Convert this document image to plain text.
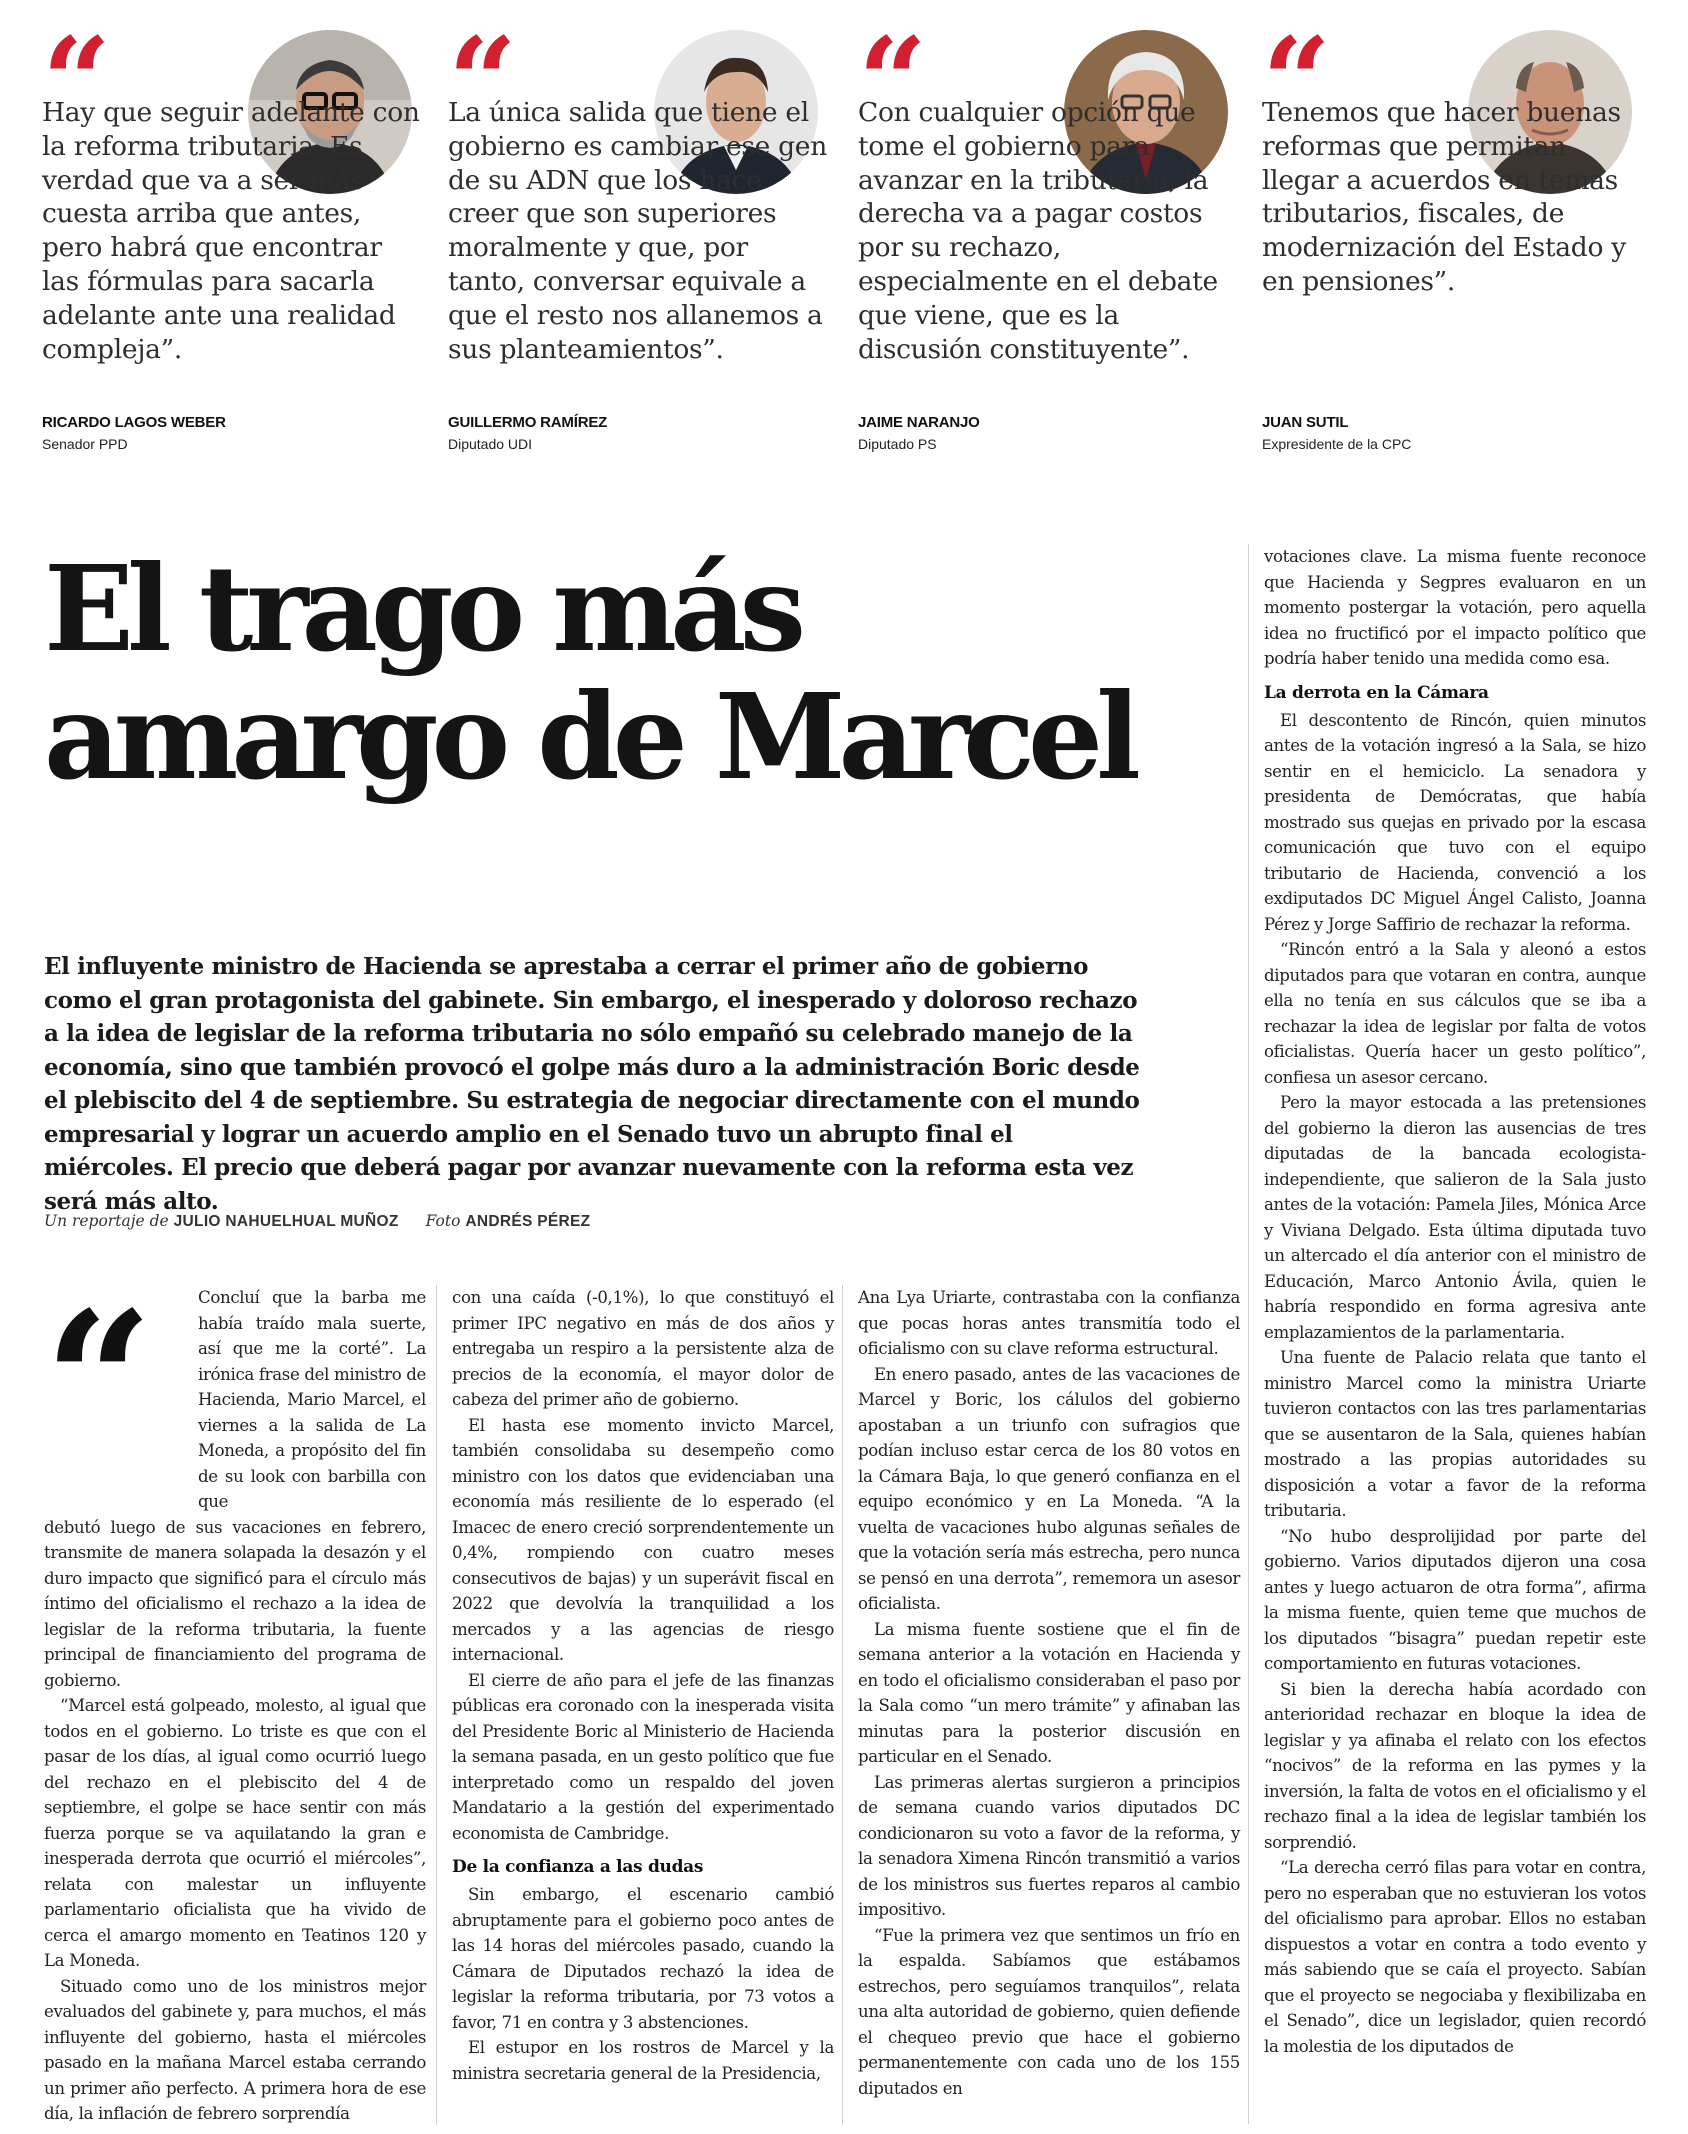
“
Hay que seguir adelante con la reforma tributaria. Es verdad que va a ser más cuesta arriba que antes, pero habrá que encontrar las fórmulas para sacarla adelante ante una realidad compleja”.
RICARDO LAGOS WEBER
Senador PPD
“
La única salida que tiene el gobierno es cambiar ese gen de su ADN que los hace creer que son superiores moralmente y que, por tanto, conversar equivale a que el resto nos allanemos a sus planteamientos”.
GUILLERMO RAMÍREZ
Diputado UDI
“
Con cualquier opción que tome el gobierno para avanzar en la tributaria, la derecha va a pagar costos por su rechazo, especialmente en el debate que viene, que es la discusión constituyente”.
JAIME NARANJO
Diputado PS
“
Tenemos que hacer buenas reformas que permitan llegar a acuerdos en temas tributarios, fiscales, de modernización del Estado y en pensiones”.
JUAN SUTIL
Expresidente de la CPC
El trago más
amargo de Marcel
El influyente ministro de Hacienda se aprestaba a cerrar el primer año de gobierno como el gran protagonista del gabinete. Sin embargo, el inesperado y doloroso rechazo a la idea de legislar de la reforma tributaria no sólo empañó su celebrado manejo de la economía, sino que también provocó el golpe más duro a la administración Boric desde el plebiscito del 4 de septiembre. Su estrategia de negociar directamente con el mundo empresarial y lograr un acuerdo amplio en el Senado tuvo un abrupto final el miércoles. El precio que deberá pagar por avanzar nuevamente con la reforma esta vez será más alto.
Un reportaje de JULIO NAHUELHUAL MUÑOZ Foto ANDRÉS PÉREZ
“	Concluí que la barba me había traído mala suerte, así que me la corté”. La irónica frase del ministro de Hacienda, Mario Marcel, el viernes a la salida de La Moneda, a propósito del fin de su look con barbilla con que

debutó luego de sus vacaciones en febrero, transmite de manera solapada la desazón y el duro impacto que significó para el círculo más íntimo del oficialismo el rechazo a la idea de legislar de la reforma tributaria, la fuente principal de financiamiento del programa de gobierno.

“Marcel está golpeado, molesto, al igual que todos en el gobierno. Lo triste es que con el pasar de los días, al igual como ocurrió luego del rechazo en el plebiscito del 4 de septiembre, el golpe se hace sentir con más fuerza porque se va aquilatando la gran e inesperada derrota que ocurrió el miércoles”, relata con malestar un influyente parlamentario oficialista que ha vivido de cerca el amargo momento en Teatinos 120 y La Moneda.

Situado como uno de los ministros mejor evaluados del gabinete y, para muchos, el más influyente del gobierno, hasta el miércoles pasado en la mañana Marcel estaba cerrando un primer año perfecto. A primera hora de ese día, la inflación de febrero sorprendía

con una caída (-0,1%), lo que constituyó el primer IPC negativo en más de dos años y entregaba un respiro a la persistente alza de precios de la economía, el mayor dolor de cabeza del primer año de gobierno.

El hasta ese momento invicto Marcel, también consolidaba su desempeño como ministro con los datos que evidenciaban una economía más resiliente de lo esperado (el Imacec de enero creció sorprendentemente un 0,4%, rompiendo con cuatro meses consecutivos de bajas) y un superávit fiscal en 2022 que devolvía la tranquilidad a los mercados y a las agencias de riesgo internacional.

El cierre de año para el jefe de las finanzas públicas era coronado con la inesperada visita del Presidente Boric al Ministerio de Hacienda la semana pasada, en un gesto político que fue interpretado como un respaldo del joven Mandatario a la gestión del experimentado economista de Cambridge.

De la confianza a las dudas

Sin embargo, el escenario cambió abruptamente para el gobierno poco antes de las 14 horas del miércoles pasado, cuando la Cámara de Diputados rechazó la idea de legislar la reforma tributaria, por 73 votos a favor, 71 en contra y 3 abstenciones.

El estupor en los rostros de Marcel y la ministra secretaria general de la Presidencia,

Ana Lya Uriarte, contrastaba con la confianza que pocas horas antes transmitía todo el oficialismo con su clave reforma estructural.

En enero pasado, antes de las vacaciones de Marcel y Boric, los cálulos del gobierno apostaban a un triunfo con sufragios que podían incluso estar cerca de los 80 votos en la Cámara Baja, lo que generó confianza en el equipo económico y en La Moneda. “A la vuelta de vacaciones hubo algunas señales de que la votación sería más estrecha, pero nunca se pensó en una derrota”, rememora un asesor oficialista.

La misma fuente sostiene que el fin de semana anterior a la votación en Hacienda y en todo el oficialismo consideraban el paso por la Sala como “un mero trámite” y afinaban las minutas para la posterior discusión en particular en el Senado.

Las primeras alertas surgieron a principios de semana cuando varios diputados DC condicionaron su voto a favor de la reforma, y la senadora Ximena Rincón transmitió a varios de los ministros sus fuertes reparos al cambio impositivo.

“Fue la primera vez que sentimos un frío en la espalda. Sabíamos que estábamos estrechos, pero seguíamos tranquilos”, relata una alta autoridad de gobierno, quien defiende el chequeo previo que hace el gobierno permanentemente con cada uno de los 155 diputados en

votaciones clave. La misma fuente reconoce que Hacienda y Segpres evaluaron en un momento postergar la votación, pero aquella idea no fructificó por el impacto político que podría haber tenido una medida como esa.

La derrota en la Cámara

El descontento de Rincón, quien minutos antes de la votación ingresó a la Sala, se hizo sentir en el hemiciclo. La senadora y presidenta de Demócratas, que había mostrado sus quejas en privado por la escasa comunicación que tuvo con el equipo tributario de Hacienda, convenció a los exdiputados DC Miguel Ángel Calisto, Joanna Pérez y Jorge Saffirio de rechazar la reforma.

“Rincón entró a la Sala y aleonó a estos diputados para que votaran en contra, aunque ella no tenía en sus cálculos que se iba a rechazar la idea de legislar por falta de votos oficialistas. Quería hacer un gesto político”, confiesa un asesor cercano.

Pero la mayor estocada a las pretensiones del gobierno la dieron las ausencias de tres diputadas de la bancada ecologista-independiente, que salieron de la Sala justo antes de la votación: Pamela Jiles, Mónica Arce y Viviana Delgado. Esta última diputada tuvo un altercado el día anterior con el ministro de Educación, Marco Antonio Ávila, quien le habría respondido en forma agresiva ante emplazamientos de la parlamentaria.

Una fuente de Palacio relata que tanto el ministro Marcel como la ministra Uriarte tuvieron contactos con las tres parlamentarias que se ausentaron de la Sala, quienes habían mostrado a las propias autoridades su disposición a votar a favor de la reforma tributaria.

“No hubo desprolijidad por parte del gobierno. Varios diputados dijeron una cosa antes y luego actuaron de otra forma”, afirma la misma fuente, quien teme que muchos de los diputados “bisagra” puedan repetir este comportamiento en futuras votaciones.

Si bien la derecha había acordado con anterioridad rechazar en bloque la idea de legislar y ya afinaba el relato con los efectos “nocivos” de la reforma en las pymes y la inversión, la falta de votos en el oficialismo y el rechazo final a la idea de legislar también los sorprendió.

“La derecha cerró filas para votar en contra, pero no esperaban que no estuvieran los votos del oficialismo para aprobar. Ellos no estaban dispuestos a votar en contra a todo evento y más sabiendo que se caía el proyecto. Sabían que el proyecto se negociaba y flexibilizaba en el Senado”, dice un legislador, quien recordó la molestia de los diputados de
